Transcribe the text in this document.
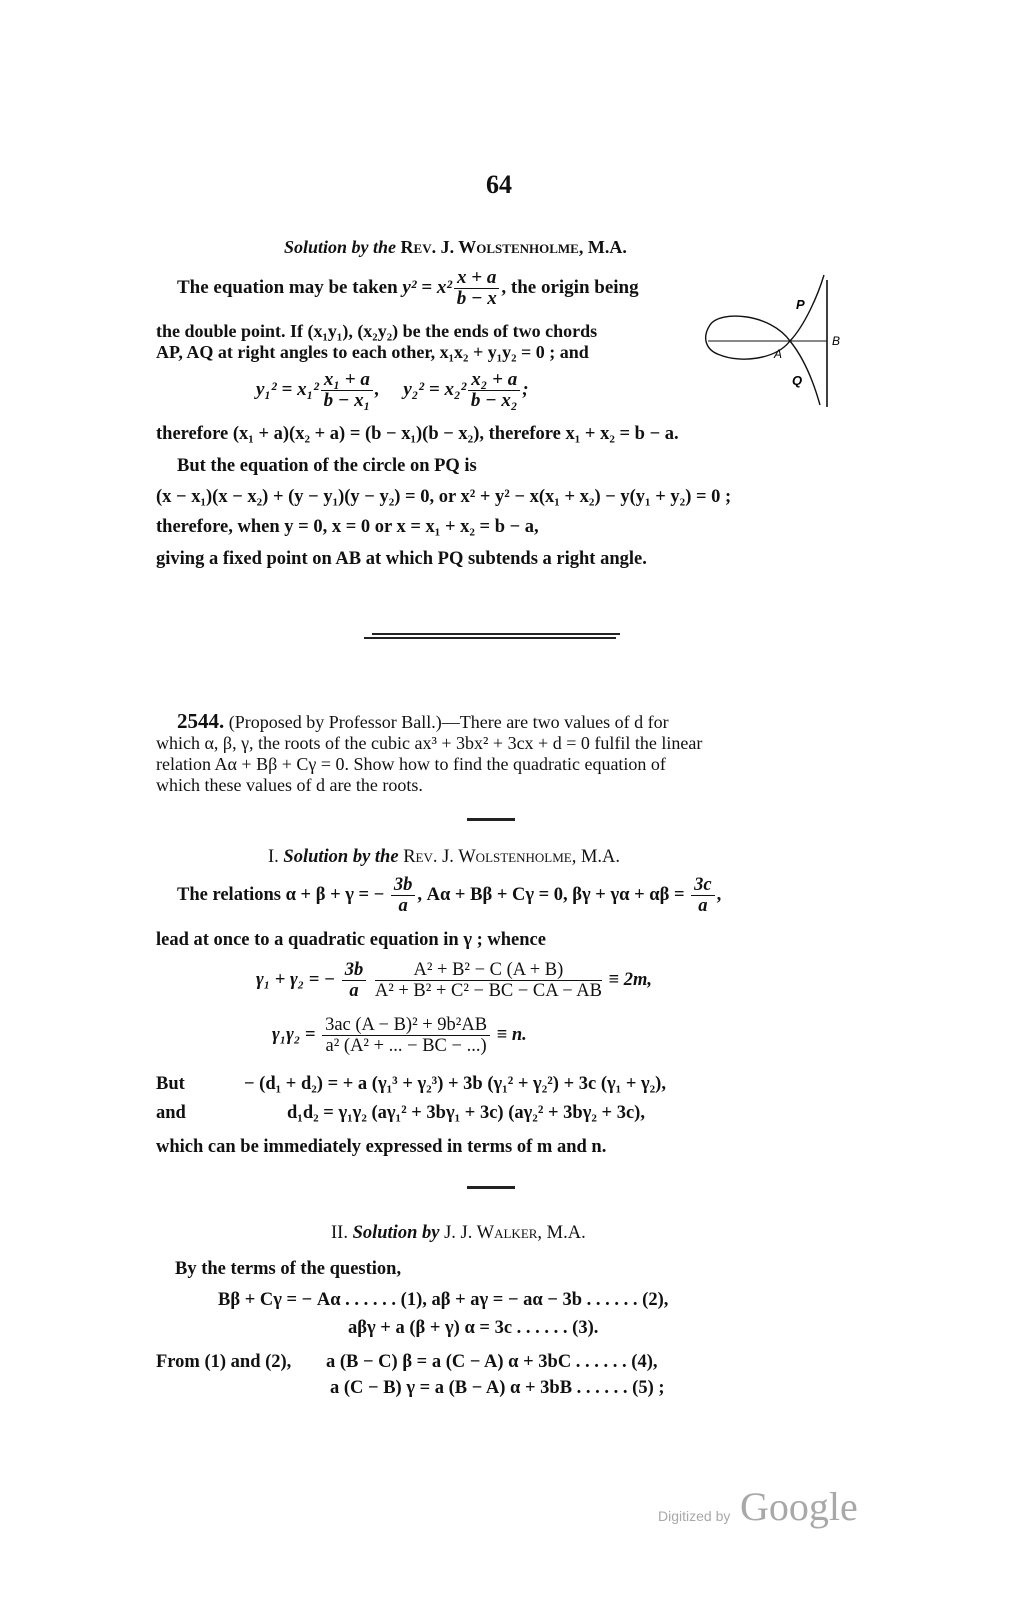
64
Solution by the Rev. J. Wolstenholme, M.A.
The equation may be taken $y^2 = x^2 \frac{x + a}{b - x}$ , the origin being
the double point. If (x₁y₁), (x₂y₂) be the ends of two chords
AP, AQ at right angles to each other, x₁x₂ + y₁y₂ = 0 ; and
$y_1^2 = x_1^2 \frac{\text{x₁ + a}}{\text{b − x₁}}$ ,     $y_2^2 = x_2^2 \frac{\text{x₂ + a}}{\text{b − x₂}}$ ;
therefore (x₁ + a)(x₂ + a) = (b − x₁)(b − x₂), therefore x₁ + x₂ = b − a.
But the equation of the circle on PQ is
(x − x₁)(x − x₂) + (y − y₁)(y − y₂) = 0, or x² + y² − x(x₁ + x₂) − y(y₁ + y₂) = 0 ;
therefore, when y = 0, x = 0 or x = x₁ + x₂ = b − a,
giving a fixed point on AB at which PQ subtends a right angle.
P
A
B
Q
2544. (Proposed by Professor Ball.)—There are two values of d for
which α, β, γ, the roots of the cubic ax³ + 3bx² + 3cx + d = 0 fulfil the linear
relation Aα + Bβ + Cγ = 0. Show how to find the quadratic equation of
which these values of d are the roots.
I. Solution by the Rev. J. Wolstenholme, M.A.
The relations α + β + γ = − $\frac{3b}{a}$ , Aα + Bβ + Cγ = 0, $\beta\gamma + \gamma\alpha + \alpha\beta = \frac{3c}{a}$ ,
lead at once to a quadratic equation in γ ; whence
γ₁ + γ₂ = − $\frac{3b}{a}$
$\frac{\text{A² + B² − C (A + B)}}{\text{A² + B² + C² − BC − CA − AB}} \equiv 2m$,
$\gamma_1\gamma_2 = \frac{\text{3ac (A − B)² + 9b²AB}}{\text{a² (A² + ... − BC − ...)}} \equiv n$.
But	− (d₁ + d₂) = + a (γ₁³ + γ₂³) + 3b (γ₁² + γ₂²) + 3c (γ₁ + γ₂),
and	d₁d₂ = γ₁γ₂ (aγ₁² + 3bγ₁ + 3c) (aγ₂² + 3bγ₂ + 3c),
which can be immediately expressed in terms of m and n.
II. Solution by J. J. Walker, M.A.
By the terms of the question,
Bβ + Cγ = − Aα . . . . . . (1), aβ + aγ = − aα − 3b . . . . . . (2),
aβγ + a (β + γ) α = 3c . . . . . . (3).
From (1) and (2), a (B − C) β = a (C − A) α + 3bC . . . . . . (4),
a (C − B) γ = a (B − A) α + 3bB . . . . . . (5) ;
Digitized by Google
